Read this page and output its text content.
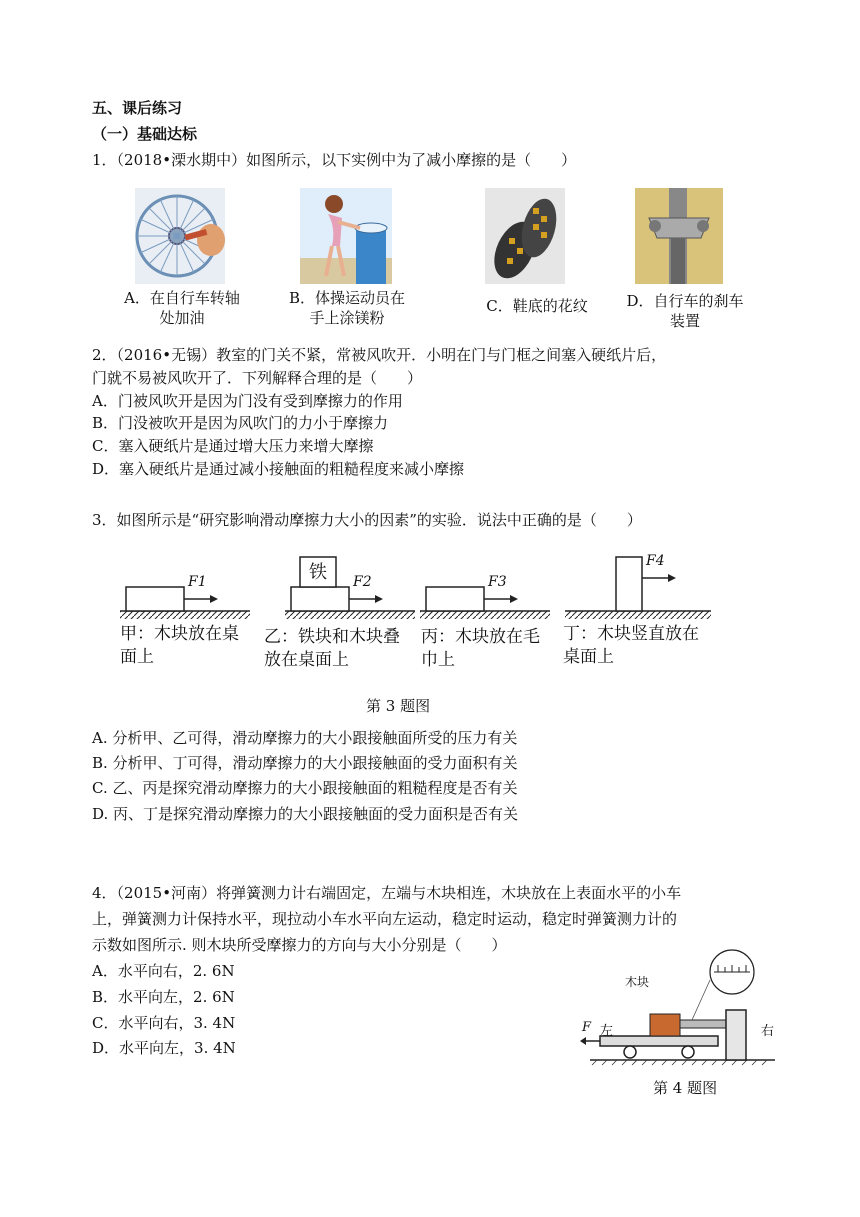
五、课后练习
（一）基础达标
1．（2018•溧水期中）如图所示，以下实例中为了减小摩擦的是（　　）
A．在自行车转轴
处加油
B．体操运动员在
手上涂镁粉
C．鞋底的花纹	D．自行车的刹车
装置
2．（2016•无锡）教室的门关不紧，常被风吹开．小明在门与门框之间塞入硬纸片后，
门就不易被风吹开了．下列解释合理的是（　　）
A．门被风吹开是因为门没有受到摩擦力的作用
B．门没被吹开是因为风吹门的力小于摩擦力
C．塞入硬纸片是通过增大压力来增大摩擦
D．塞入硬纸片是通过减小接触面的粗糙程度来减小摩擦
3．如图所示是“研究影响滑动摩擦力大小的因素”的实验．说法中正确的是（　　）
铁
F1	F2	F3
F4
甲：木块放在桌
面上
乙：铁块和木块叠
放在桌面上
丙：木块放在毛
巾上
丁：木块竖直放在
桌面上
第 3 题图
A. 分析甲、乙可得，滑动摩擦力的大小跟接触面所受的压力有关
B. 分析甲、丁可得，滑动摩擦力的大小跟接触面的受力面积有关
C. 乙、丙是探究滑动摩擦力的大小跟接触面的粗糙程度是否有关
D. 丙、丁是探究滑动摩擦力的大小跟接触面的受力面积是否有关
4．（2015•河南）将弹簧测力计右端固定，左端与木块相连，木块放在上表面水平的小车
上，弹簧测力计保持水平，现拉动小车水平向左运动，稳定时运动，稳定时弹簧测力计的
示数如图所示. 则木块所受摩擦力的方向与大小分别是（　　）
A．水平向右，2. 6N
B．水平向左，2. 6N
C．水平向右，3. 4N
D．水平向左，3. 4N
木块
左	右
F
第 4 题图
